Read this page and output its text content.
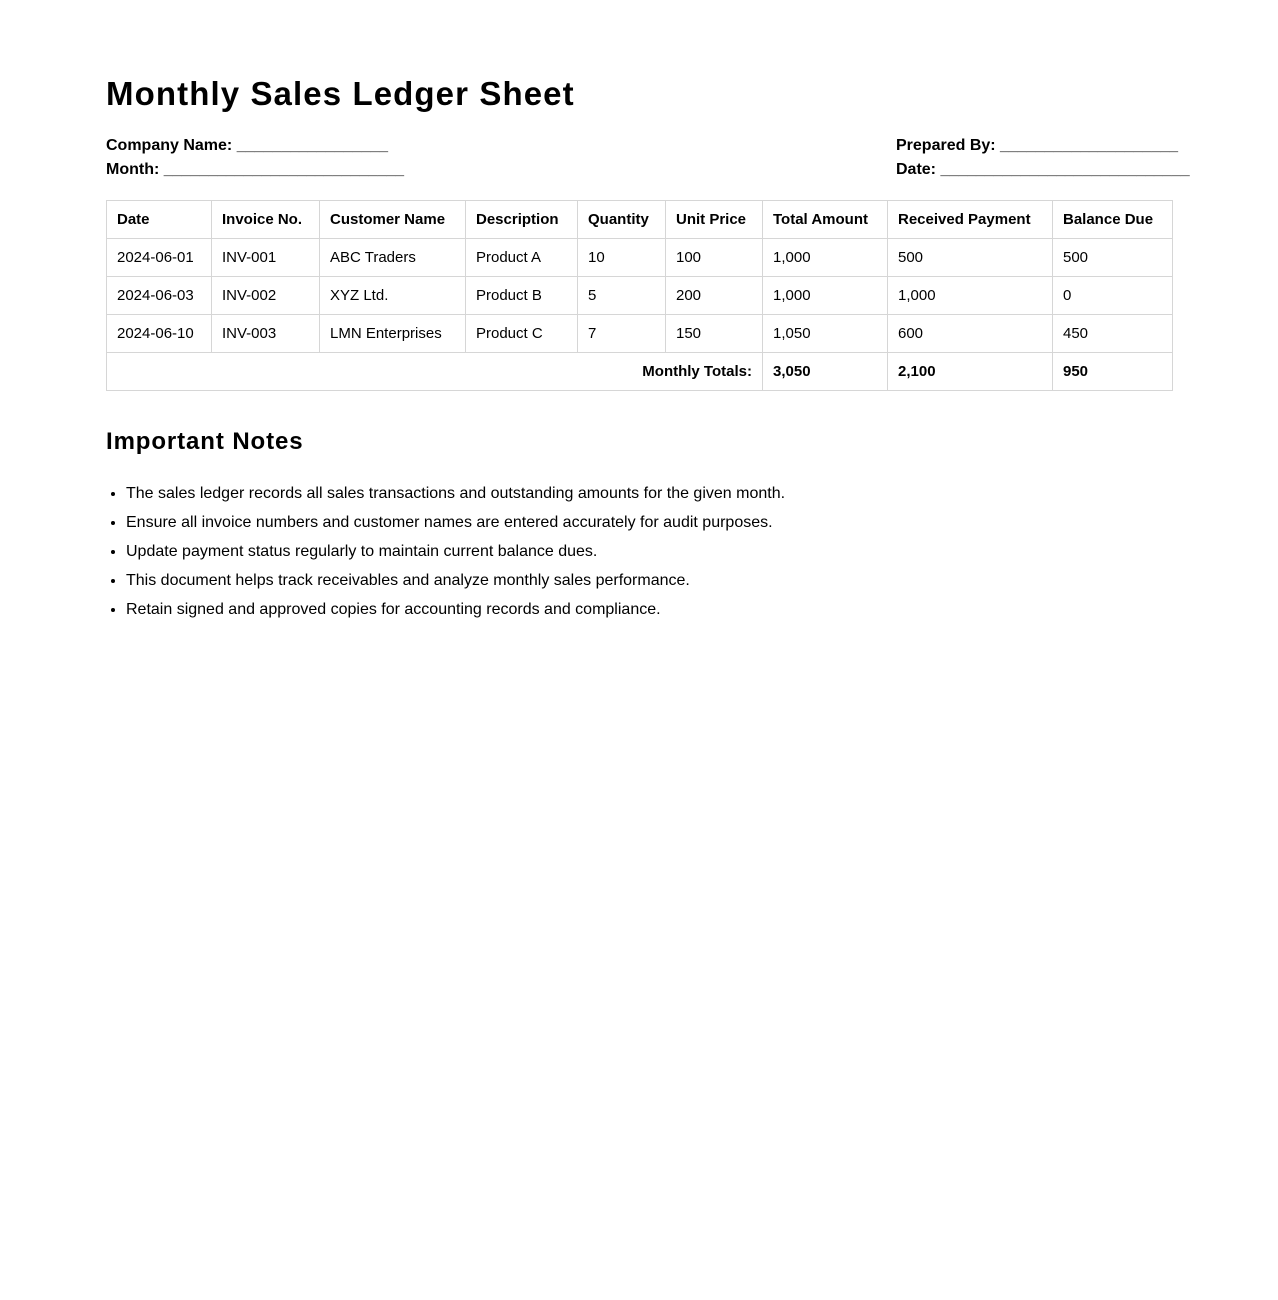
Monthly Sales Ledger Sheet
Company Name: _________________
Month: ___________________________
Prepared By: ____________________
Date: ____________________________
Date	Invoice No.	Customer Name	Description	Quantity	Unit Price	Total Amount	Received Payment	Balance Due
2024-06-01	INV-001	ABC Traders	Product A	10	100	1,000	500	500
2024-06-03	INV-002	XYZ Ltd.	Product B	5	200	1,000	1,000	0
2024-06-10	INV-003	LMN Enterprises	Product C	7	150	1,050	600	450
Monthly Totals:						3,050	2,100	950
Important Notes
• The sales ledger records all sales transactions and outstanding amounts for the given month.
• Ensure all invoice numbers and customer names are entered accurately for audit purposes.
• Update payment status regularly to maintain current balance dues.
• This document helps track receivables and analyze monthly sales performance.
• Retain signed and approved copies for accounting records and compliance.
